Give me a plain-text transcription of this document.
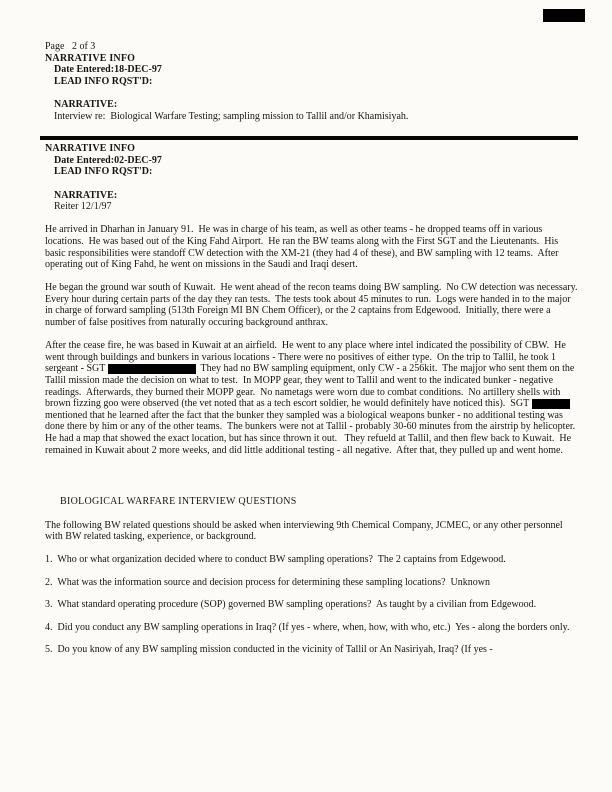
Page   2 of 3
NARRATIVE INFO
Date Entered:18-DEC-97
LEAD INFO RQST'D:
NARRATIVE:
Interview re:  Biological Warfare Testing; sampling mission to Tallil and/or Khamisiyah.
NARRATIVE INFO
Date Entered:02-DEC-97
LEAD INFO RQST'D:
NARRATIVE:
Reiter 12/1/97

He arrived in Dharhan in January 91.  He was in charge of his team, as well as other teams - he dropped teams off in various locations.  He was based out of the King Fahd Airport.  He ran the BW teams along with the First SGT and the Lieutenants.  His basic responsibilities were standoff CW detection with the XM-21 (they had 4 of these), and BW sampling with 12 teams.  After operating out of King Fahd, he went on missions in the Saudi and Iraqi desert.

He began the ground war south of Kuwait.  He went ahead of the recon teams doing BW sampling.  No CW detection was necessary.  Every hour during certain parts of the day they ran tests.  The tests took about 45 minutes to run.  Logs were handed in to the major in charge of forward sampling (513th Foreign MI BN Chem Officer), or the 2 captains from Edgewood.  Initially, there were a number of false positives from naturally occuring background anthrax.

After the cease fire, he was based in Kuwait at an airfield.  He went to any place where intel indicated the possibility of CBW.  He went through buildings and bunkers in various locations - There were no positives of either type.  On the trip to Tallil, he took 1 sergeant - SGT	They had no BW sampling equipment, only CW - a 256kit.  The majjor who sent them on the Tallil mission made the decision on what to test.  In MOPP gear, they went to Tallil and went to the indicated bunker - negative readings.  Afterwards, they burned their MOPP gear.  No nametags were worn due to combat conditions.  No artillery shells with brown fizzing goo were observed (the vet noted that as a tech escort soldier, he would definitely have noticed this).  SGT	mentioned that he learned after the fact that the bunker they sampled was a biological weapons bunker - no additional testing was done there by him or any of the other teams.  The bunkers were not at Tallil - probably 30-60 minutes from the airstrip by helicopter.  He had a map that showed the exact location, but has since thrown it out.   They refueld at Tallil, and then flew back to Kuwait.  He remained in Kuwait about 2 more weeks, and did little additional testing - all negative.  After that, they pulled up and went home.

BIOLOGICAL WARFARE INTERVIEW QUESTIONS

The following BW related questions should be asked when interviewing 9th Chemical Company, JCMEC, or any other personnel with BW related tasking, experience, or background.

1.  Who or what organization decided where to conduct BW sampling operations?  The 2 captains from Edgewood.

2.  What was the information source and decision process for determining these sampling locations?  Unknown

3.  What standard operating procedure (SOP) governed BW sampling operations?  As taught by a civilian from Edgewood.

4.  Did you conduct any BW sampling operations in Iraq? (If yes - where, when, how, with who, etc.)  Yes - along the borders only.

5.  Do you know of any BW sampling mission conducted in the vicinity of Tallil or An Nasiriyah, Iraq? (If yes -
